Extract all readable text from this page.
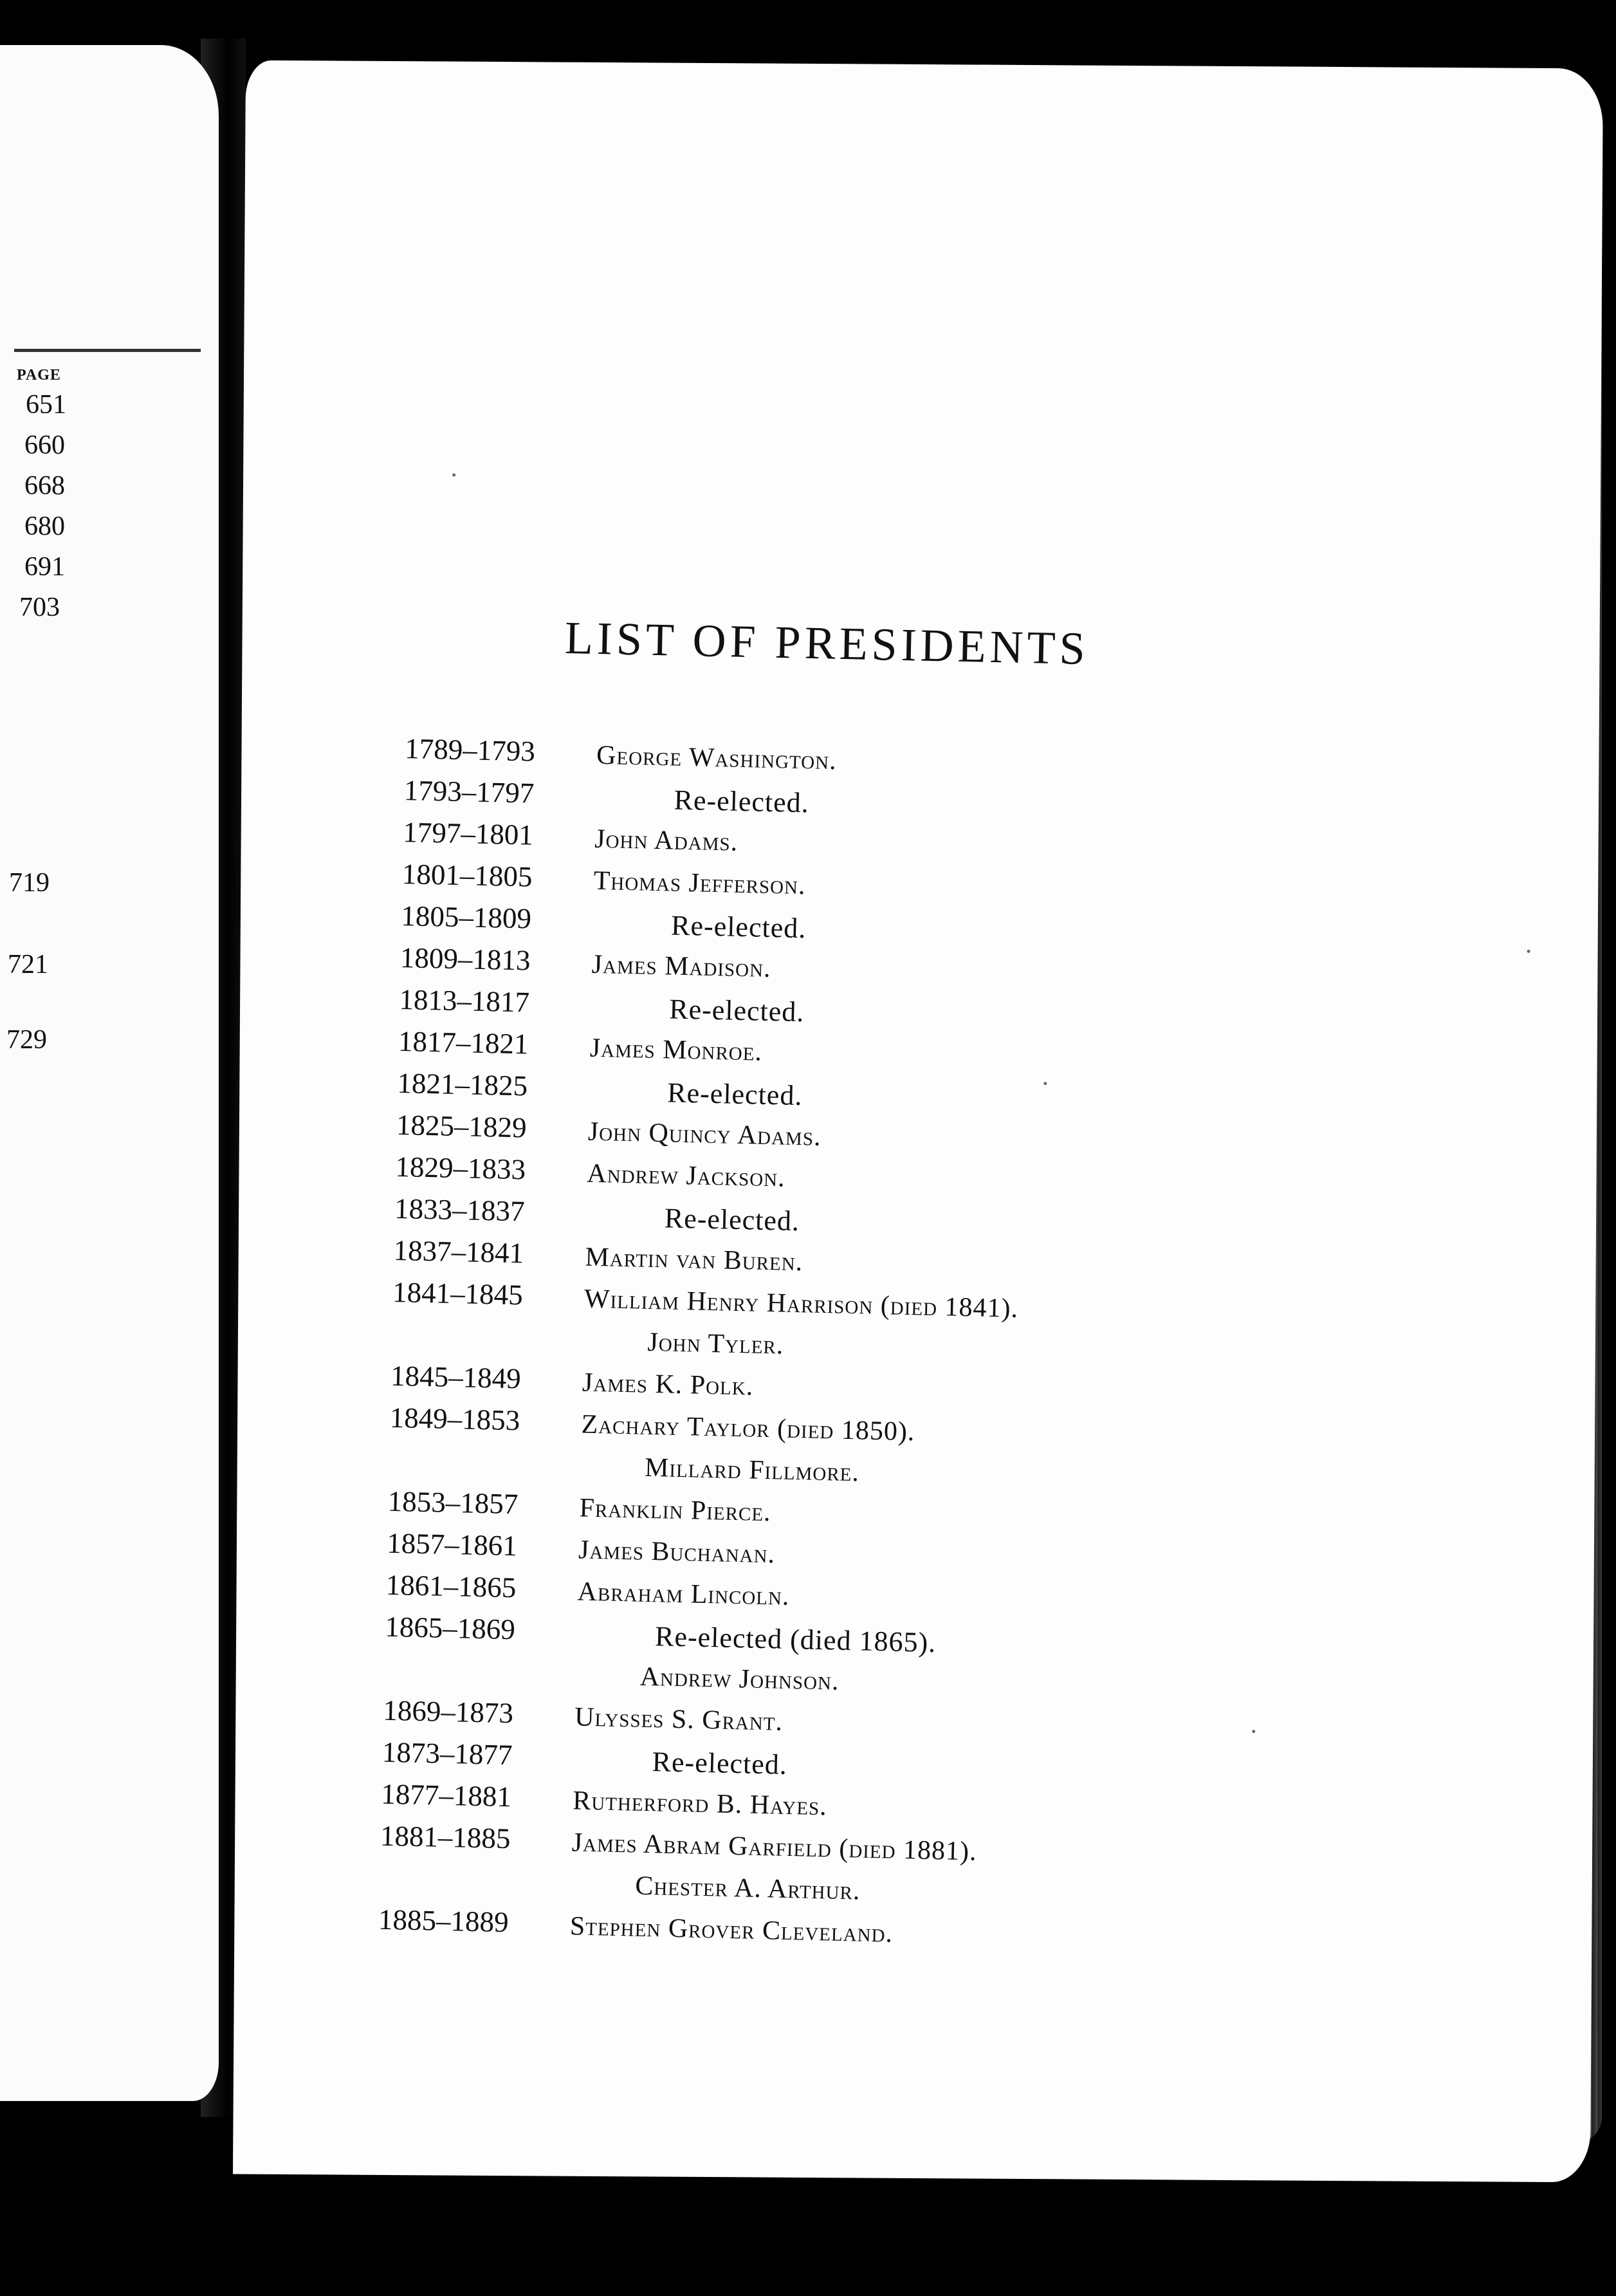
PAGE
651
660
668
680
691
703
719
721
729
LIST OF PRESIDENTS
1789–1793	George Washington.
1793–1797	Re-elected.
1797–1801	John Adams.
1801–1805	Thomas Jefferson.
1805–1809	Re-elected.
1809–1813	James Madison.
1813–1817	Re-elected.
1817–1821	James Monroe.
1821–1825	Re-elected.
1825–1829	John Quincy Adams.
1829–1833	Andrew Jackson.
1833–1837	Re-elected.
1837–1841	Martin van Buren.
1841–1845	William Henry Harrison (died 1841).
John Tyler.
1845–1849	James K. Polk.
1849–1853	Zachary Taylor (died 1850).
Millard Fillmore.
1853–1857	Franklin Pierce.
1857–1861	James Buchanan.
1861–1865	Abraham Lincoln.
1865–1869	Re-elected (died 1865).
Andrew Johnson.
1869–1873	Ulysses S. Grant.
1873–1877	Re-elected.
1877–1881	Rutherford B. Hayes.
1881–1885	James Abram Garfield (died 1881).
Chester A. Arthur.
1885–1889	Stephen Grover Cleveland.
